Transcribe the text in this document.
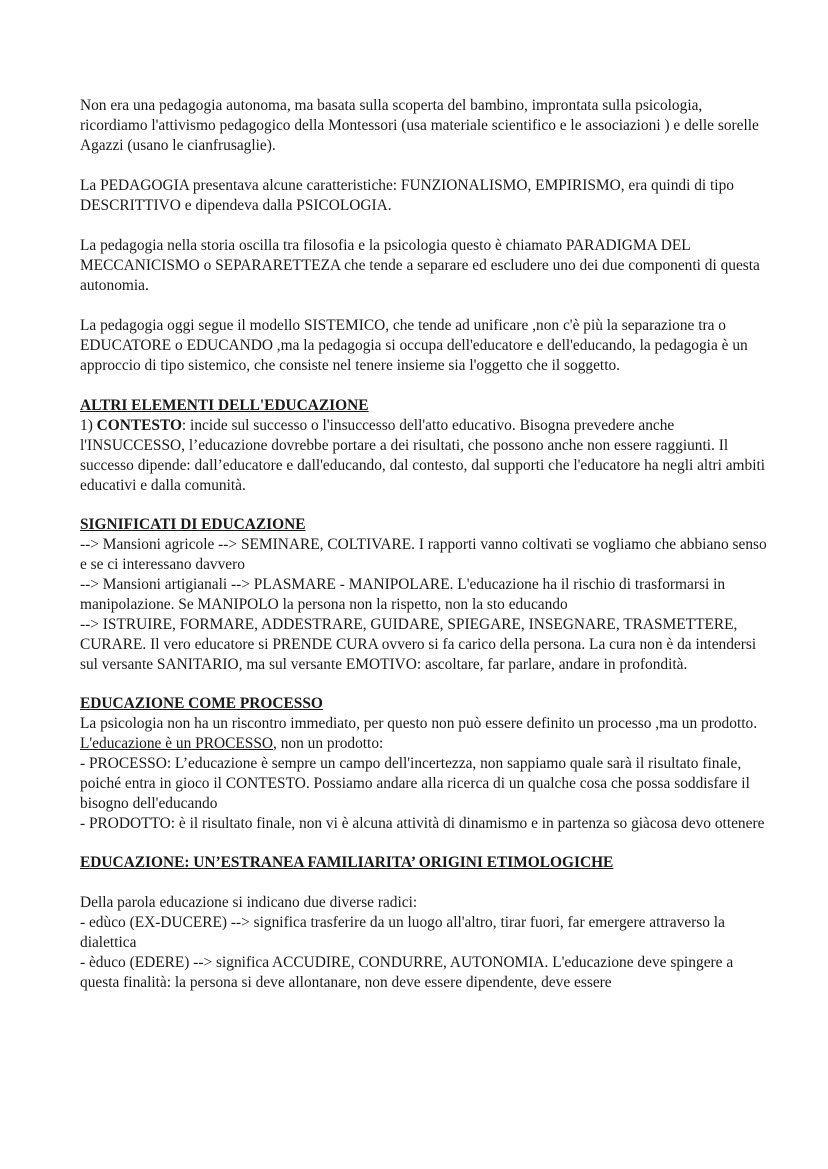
Non era una pedagogia autonoma, ma basata sulla scoperta del bambino, improntata sulla psicologia, ricordiamo l'attivismo pedagogico della Montessori (usa materiale scientifico e le associazioni ) e delle sorelle Agazzi (usano le cianfrusaglie).

La PEDAGOGIA presentava alcune caratteristiche: FUNZIONALISMO, EMPIRISMO, era quindi di tipo DESCRITTIVO e dipendeva dalla PSICOLOGIA.

La pedagogia nella storia oscilla tra filosofia e la psicologia questo è chiamato PARADIGMA DEL MECCANICISMO o SEPARARETTEZA che tende a separare ed escludere uno dei due componenti di questa autonomia.

La pedagogia oggi segue il modello SISTEMICO, che tende ad unificare ,non c'è più la separazione tra o EDUCATORE o EDUCANDO ,ma la pedagogia si occupa dell'educatore e dell'educando, la pedagogia è un approccio di tipo sistemico, che consiste nel tenere insieme sia l'oggetto che il soggetto.

ALTRI ELEMENTI DELL'EDUCAZIONE

1) CONTESTO: incide sul successo o l'insuccesso dell'atto educativo. Bisogna prevedere anche l'INSUCCESSO, l’educazione dovrebbe portare a dei risultati, che possono anche non essere raggiunti. Il successo dipende: dall’educatore e dall'educando, dal contesto, dal supporti che l'educatore ha negli altri ambiti educativi e dalla comunità.

SIGNIFICATI DI EDUCAZIONE

--> Mansioni agricole --> SEMINARE, COLTIVARE. I rapporti vanno coltivati se vogliamo che abbiano senso e se ci interessano davvero

--> Mansioni artigianali --> PLASMARE - MANIPOLARE. L'educazione ha il rischio di trasformarsi in manipolazione. Se MANIPOLO la persona non la rispetto, non la sto educando

--> ISTRUIRE, FORMARE, ADDESTRARE, GUIDARE, SPIEGARE, INSEGNARE, TRASMETTERE, CURARE. Il vero educatore si PRENDE CURA ovvero si fa carico della persona. La cura non è da intendersi sul versante SANITARIO, ma sul versante EMOTIVO: ascoltare, far parlare, andare in profondità.

EDUCAZIONE COME PROCESSO

La psicologia non ha un riscontro immediato, per questo non può essere definito un processo ,ma un prodotto.

L'educazione è un PROCESSO, non un prodotto:

- PROCESSO: L’educazione è sempre un campo dell'incertezza, non sappiamo quale sarà il risultato finale, poiché entra in gioco il CONTESTO. Possiamo andare alla ricerca di un qualche cosa che possa soddisfare il bisogno dell'educando

- PRODOTTO: è il risultato finale, non vi è alcuna attività di dinamismo e in partenza so giàcosa devo ottenere

EDUCAZIONE: UN’ESTRANEA FAMILIARITA’ ORIGINI ETIMOLOGICHE

Della parola educazione si indicano due diverse radici:

- edùco (EX-DUCERE) --> significa trasferire da un luogo all'altro, tirar fuori, far emergere attraverso la dialettica

- èduco (EDERE) --> significa ACCUDIRE, CONDURRE, AUTONOMIA. L'educazione deve spingere a questa finalità: la persona si deve allontanare, non deve essere dipendente, deve essere
